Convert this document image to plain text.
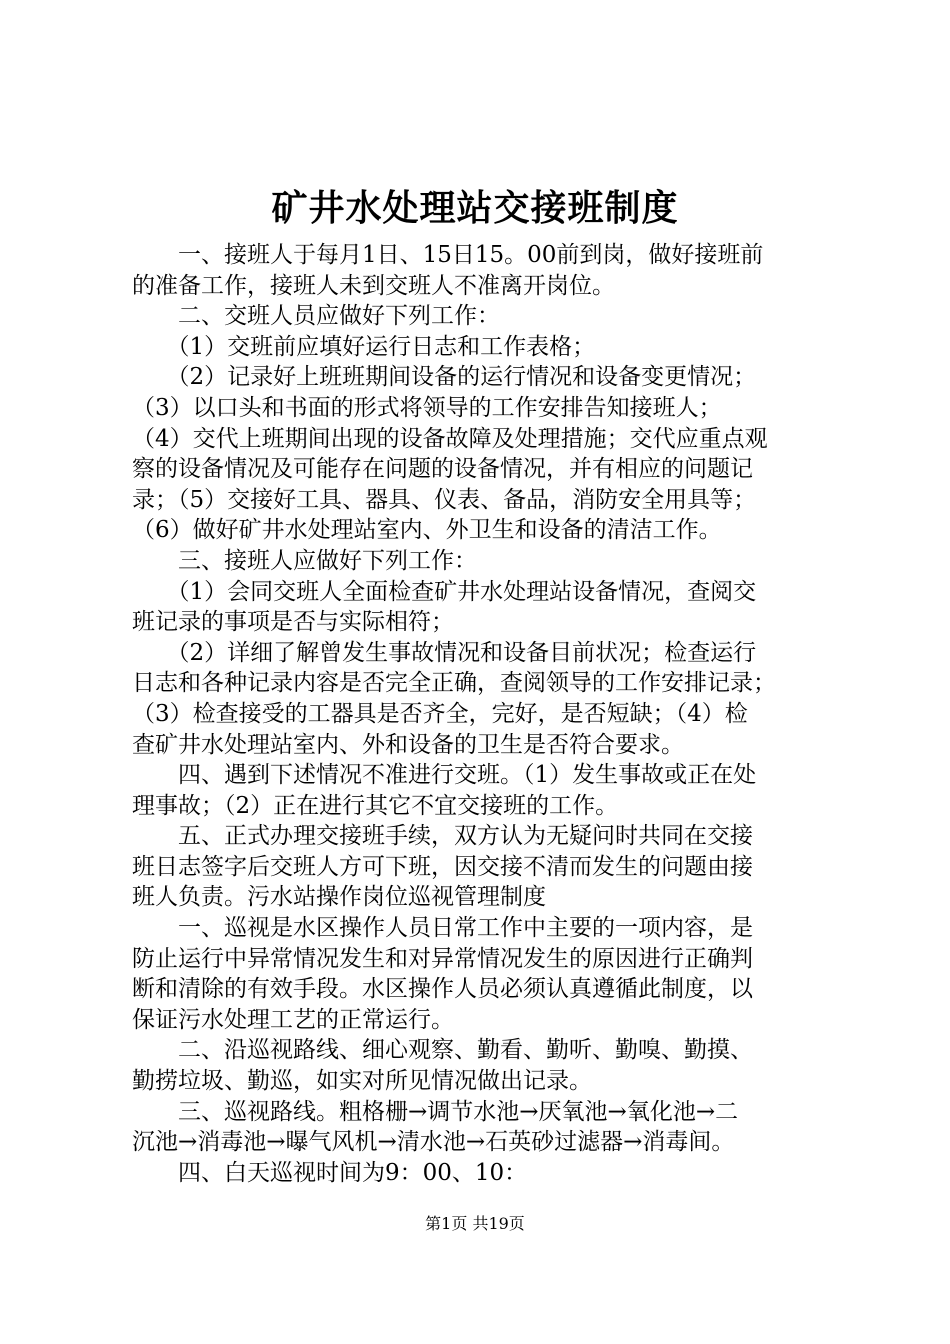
矿井水处理站交接班制度
　　一、接班人于每月1日、15日15。00前到岗，做好接班前
的准备工作，接班人未到交班人不准离开岗位。
　　二、交班人员应做好下列工作：
　　（1）交班前应填好运行日志和工作表格；
　　（2）记录好上班班期间设备的运行情况和设备变更情况；
（3）以口头和书面的形式将领导的工作安排告知接班人；
（4）交代上班期间出现的设备故障及处理措施；交代应重点观
察的设备情况及可能存在问题的设备情况，并有相应的问题记
录；（5）交接好工具、器具、仪表、备品，消防安全用具等；
（6）做好矿井水处理站室内、外卫生和设备的清洁工作。
　　三、接班人应做好下列工作：
　　（1）会同交班人全面检查矿井水处理站设备情况，查阅交
班记录的事项是否与实际相符；
　　（2）详细了解曾发生事故情况和设备目前状况；检查运行
日志和各种记录内容是否完全正确，查阅领导的工作安排记录；
（3）检查接受的工器具是否齐全，完好，是否短缺；（4）检
查矿井水处理站室内、外和设备的卫生是否符合要求。
　　四、遇到下述情况不准进行交班。（1）发生事故或正在处
理事故；（2）正在进行其它不宜交接班的工作。
　　五、正式办理交接班手续，双方认为无疑问时共同在交接
班日志签字后交班人方可下班，因交接不清而发生的问题由接
班人负责。污水站操作岗位巡视管理制度
　　一、巡视是水区操作人员日常工作中主要的一项内容，是
防止运行中异常情况发生和对异常情况发生的原因进行正确判
断和清除的有效手段。水区操作人员必须认真遵循此制度，以
保证污水处理工艺的正常运行。
　　二、沿巡视路线、细心观察、勤看、勤听、勤嗅、勤摸、
勤捞垃圾、勤巡，如实对所见情况做出记录。
　　三、巡视路线。粗格栅→调节水池→厌氧池→氧化池→二
沉池→消毒池→曝气风机→清水池→石英砂过滤器→消毒间。
　　四、白天巡视时间为9：00、10：
第1页 共19页
